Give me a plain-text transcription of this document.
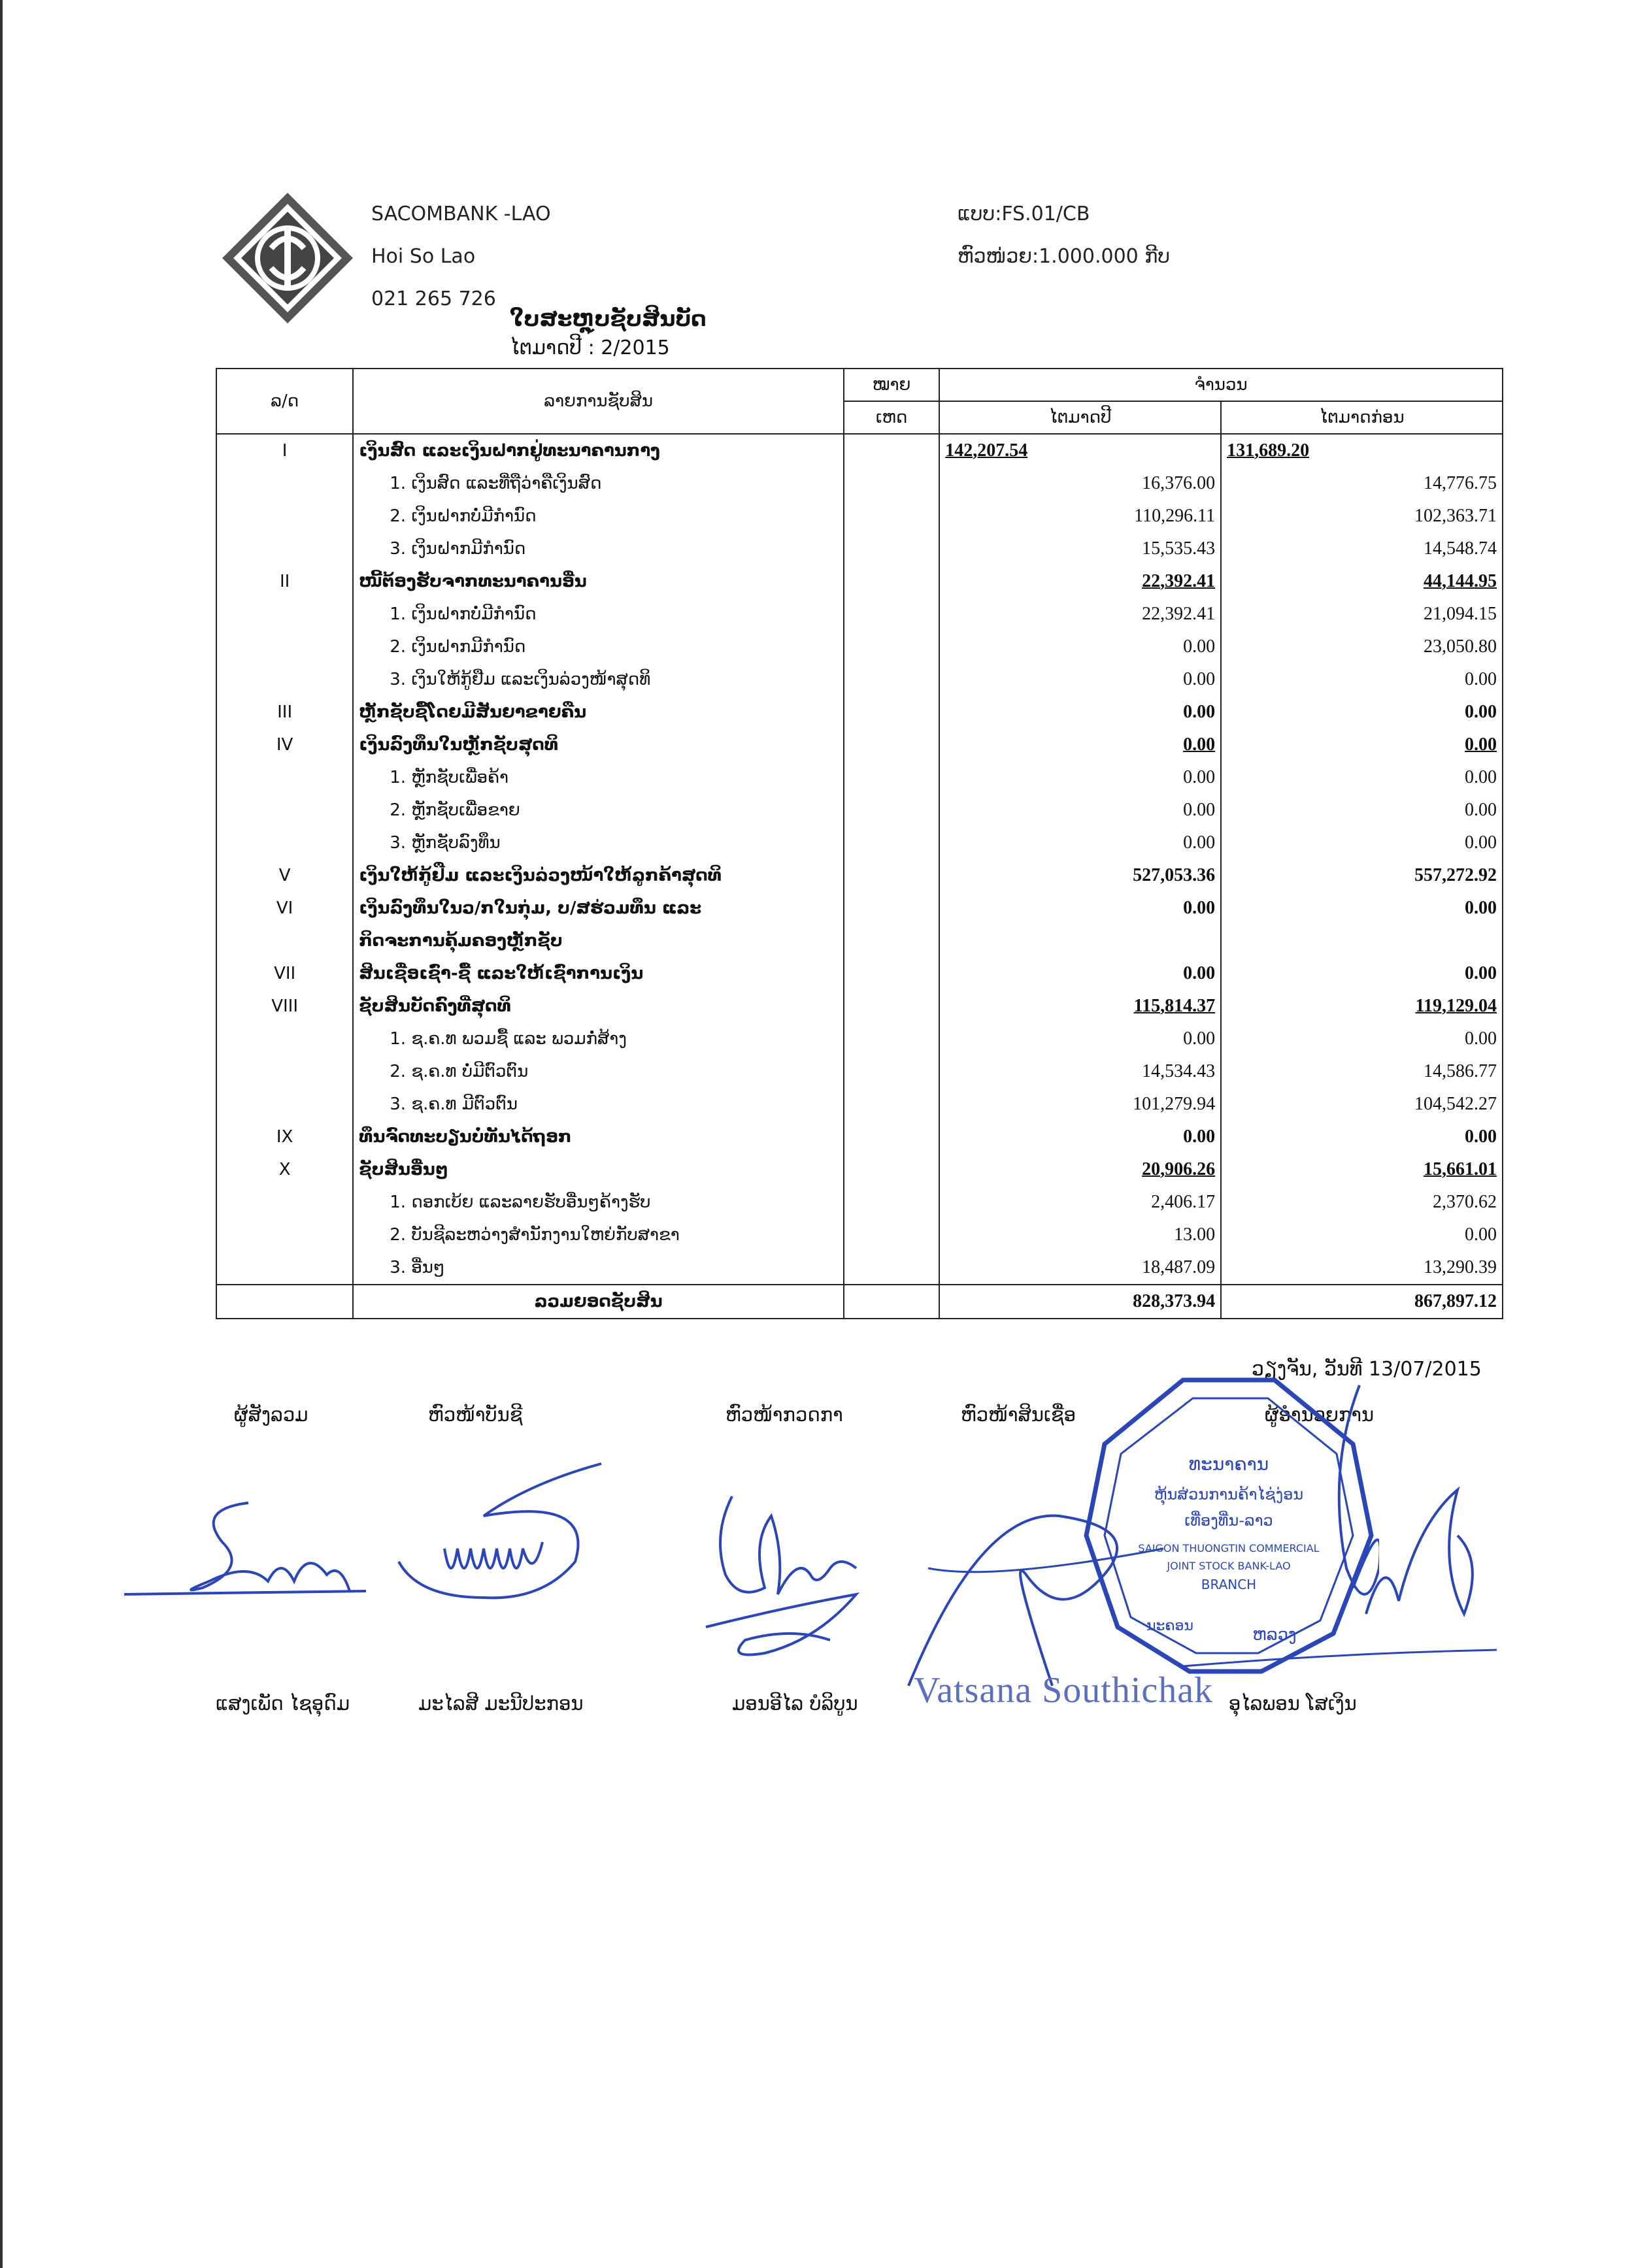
SACOMBANK -LAO
Hoi So Lao
021 265 726
ແບບ:FS.01/CB
ຫົວໜ່ວຍ:1.000.000 ກີບ
ໃບສະຫຼຸບຊັບສິນບັດ
ໄຕມາດປີ : 2/2015
ລ/ດ	ລາຍການຊັບສິນ	ໝາຍ	ຈຳນວນ	
		ເຫດ	ໄຕມາດປີ	ໄຕມາດກ່ອນ
I	ເງິນສົດ ແລະເງິນຝາກຢູ່ທະນາຄານກາງ		142,207.54	131,689.20
	1. ເງິນສົດ ແລະທີ່ຖືວ່າຄືເງິນສົດ		16,376.00	14,776.75
	2. ເງິນຝາກບໍ່ມີກຳນົດ		110,296.11	102,363.71
	3. ເງິນຝາກມີກຳນົດ		15,535.43	14,548.74
II	ໜີ້ຕ້ອງຮັບຈາກທະນາຄານອື່ນ		22,392.41	44,144.95
	1. ເງິນຝາກບໍ່ມີກຳນົດ		22,392.41	21,094.15
	2. ເງິນຝາກມີກຳນົດ		0.00	23,050.80
	3. ເງິນໃຫ້ກູ້ຢືມ ແລະເງິນລ່ວງໜ້າສຸດທິ		0.00	0.00
III	ຫຼັກຊັບຊື້ໂດຍມີສັນຍາຂາຍຄືນ		0.00	0.00
IV	ເງິນລົງທຶນໃນຫຼັກຊັບສຸດທິ		0.00	0.00
	1. ຫຼັກຊັບເພື່ອຄ້າ		0.00	0.00
	2. ຫຼັກຊັບເພື່ອຂາຍ		0.00	0.00
	3. ຫຼັກຊັບລົງທຶນ		0.00	0.00
V	ເງິນໃຫ້ກູ້ຢືມ ແລະເງິນລ່ວງໜ້າໃຫ້ລູກຄ້າສຸດທິ		527,053.36	557,272.92
VI	ເງິນລົງທຶນໃນວ/ກໃນກຸ່ມ, ບ/ສຮ່ວມທຶນ ແລະ		0.00	0.00
	ກິດຈະການຄຸ້ມຄອງຫຼັກຊັບ			
VII	ສິນເຊື່ອເຊົ່າ-ຊື້ ແລະໃຫ້ເຊົ່າການເງິນ		0.00	0.00
VIII	ຊັບສິນບັດຄົງທີ່ສຸດທິ		115,814.37	119,129.04
	1. ຊ.ຄ.ທ ພວມຊື້ ແລະ ພວມກໍ່ສ້າງ		0.00	0.00
	2. ຊ.ຄ.ທ ບໍ່ມີຕົວຕົນ		14,534.43	14,586.77
	3. ຊ.ຄ.ທ ມີຕົວຕົນ		101,279.94	104,542.27
IX	ທຶນຈົດທະບຽນບໍ່ທັນໄດ້ຖອກ		0.00	0.00
X	ຊັບສິນອື່ນໆ		20,906.26	15,661.01
	1. ດອກເບ້ຍ ແລະລາຍຮັບອື່ນໆຄ້າງຮັບ		2,406.17	2,370.62
	2. ບັນຊີລະຫວ່າງສຳນັກງານໃຫຍ່ກັບສາຂາ		13.00	0.00
	3. ອື່ນໆ		18,487.09	13,290.39
	ລວມຍອດຊັບສິນ		828,373.94	867,897.12
ວຽງຈັນ, ວັນທີ 13/07/2015
ຜູ້ສັງລວມ	ຫົວໜ້າບັນຊີ	ຫົວໜ້າກວດກາ	ຫົວໜ້າສິນເຊື່ອ	ຜູ້ອຳນວຍການ
Vatsana Southichak
ທະນາຄານ
ຫຸ້ນສ່ວນການຄ້າໄຊ່ງ່ອນ
ເທື່ອງທີ່ນ-ລາວ
SAIGON THUONGTIN COMMERCIAL
JOINT STOCK BANK-LAO
BRANCH
ນະຄອນ	ຫລວງ
ແສງເພັດ ໄຊອຸດົມ	ມະໄລສີ ມະນີປະກອນ	ມອນອີໄລ ບໍລິບູນ	ອຸໄລພອນ ໂສເງິນ
